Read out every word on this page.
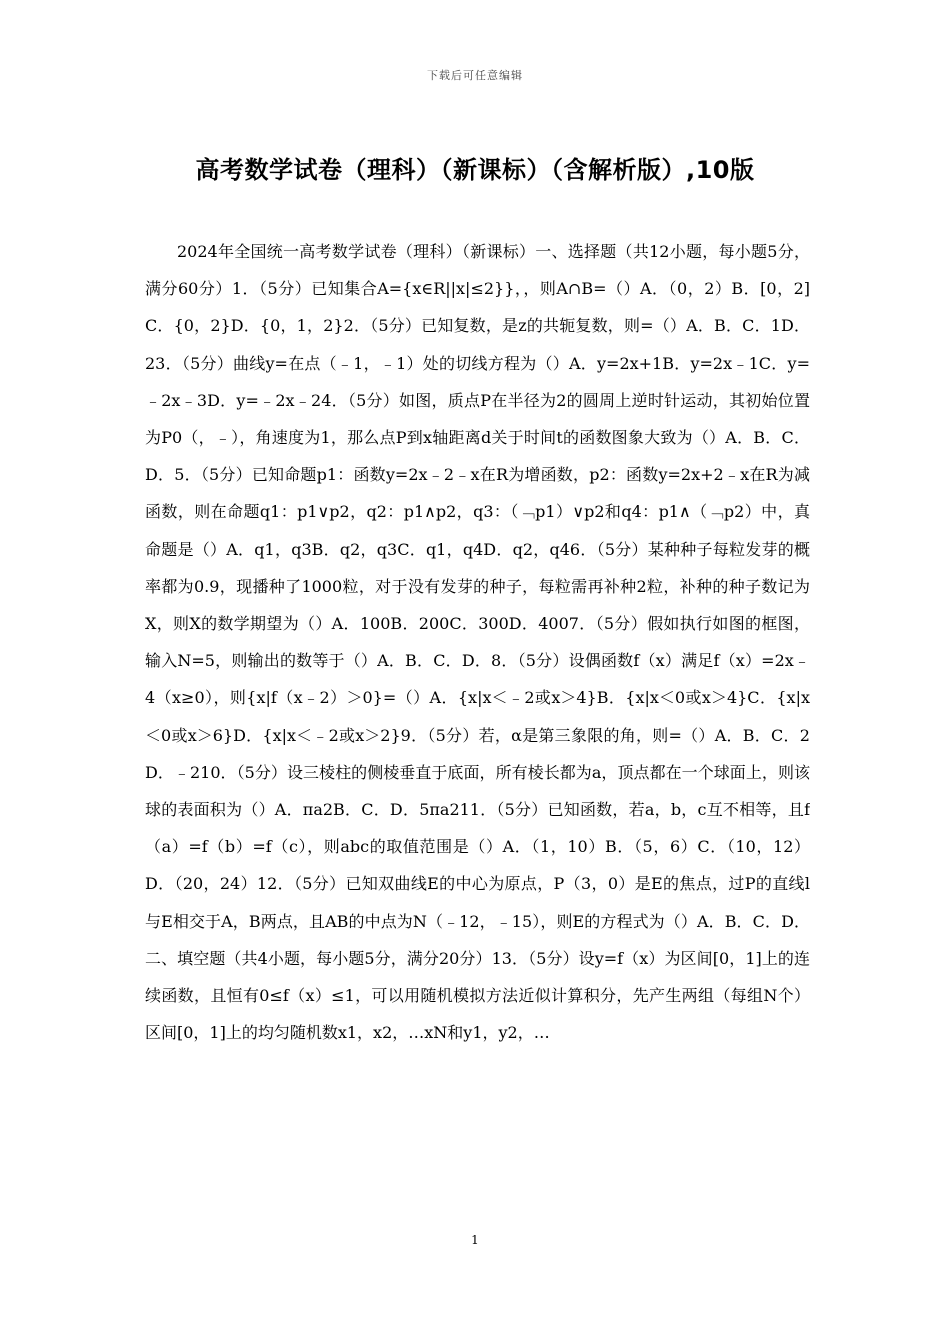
下载后可任意编辑
高考数学试卷（理科）（新课标）（含解析版）,10版

2024年全国统一高考数学试卷（理科）（新课标）一、选择题（共12小题，每小题5分，满分60分）1．（5分）已知集合A={x∈R||x|≤2}}，，则A∩B=（）A．（0，2）B．[0，2]C．{0，2}D．{0，1，2}2．（5分）已知复数，是z的共轭复数，则=（）A．B．C．1D．23．（5分）曲线y=在点（﹣1，﹣1）处的切线方程为（）A．y=2x+1B．y=2x﹣1C．y=﹣2x﹣3D．y=﹣2x﹣24．（5分）如图，质点P在半径为2的圆周上逆时针运动，其初始位置为P0（，﹣），角速度为1，那么点P到x轴距离d关于时间t的函数图象大致为（）A．B．C．D．5．（5分）已知命题p1：函数y=2x﹣2﹣x在R为增函数，p2：函数y=2x+2﹣x在R为减函数，则在命题q1：p1∨p2，q2：p1∧p2，q3：（﹁p1）∨p2和q4：p1∧（﹁p2）中，真命题是（）A．q1，q3B．q2，q3C．q1，q4D．q2，q46．（5分）某种种子每粒发芽的概率都为0.9，现播种了1000粒，对于没有发芽的种子，每粒需再补种2粒，补种的种子数记为X，则X的数学期望为（）A．100B．200C．300D．4007．（5分）假如执行如图的框图，输入N=5，则输出的数等于（）A．B．C．D．8．（5分）设偶函数f（x）满足f（x）=2x﹣4（x≥0），则{x|f（x﹣2）＞0}=（）A．{x|x＜﹣2或x＞4}B．{x|x＜0或x＞4}C．{x|x＜0或x＞6}D．{x|x＜﹣2或x＞2}9．（5分）若，α是第三象限的角，则=（）A．B．C．2D．﹣210．（5分）设三棱柱的侧棱垂直于底面，所有棱长都为a，顶点都在一个球面上，则该球的表面积为（）A．πa2B．C．D．5πa211．（5分）已知函数，若a，b，c互不相等，且f（a）=f（b）=f（c），则abc的取值范围是（）A．（1，10）B．（5，6）C．（10，12）D．（20，24）12．（5分）已知双曲线E的中心为原点，P（3，0）是E的焦点，过P的直线l与E相交于A，B两点，且AB的中点为N（﹣12，﹣15），则E的方程式为（）A．B．C．D．二、填空题（共4小题，每小题5分，满分20分）13．（5分）设y=f（x）为区间[0，1]上的连续函数，且恒有0≤f（x）≤1，可以用随机模拟方法近似计算积分，先产生两组（每组N个）区间[0，1]上的均匀随机数x1，x2，…xN和y1，y2，…

1
